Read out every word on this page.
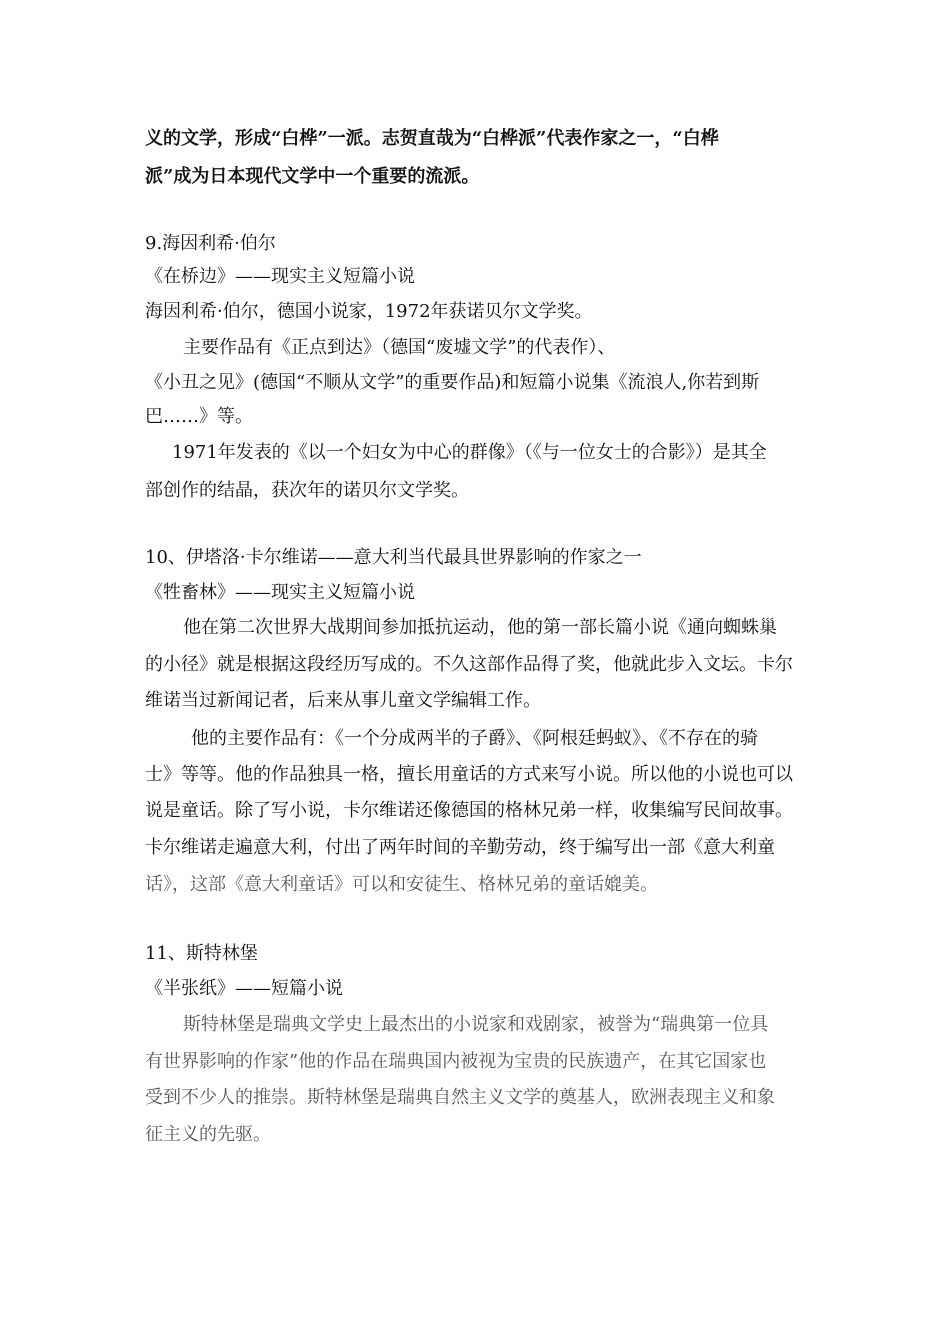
义的文学，形成“白桦”一派。志贺直哉为“白桦派”代表作家之一，“白桦

派”成为日本现代文学中一个重要的流派。

9.海因利希·伯尔

《在桥边》——现实主义短篇小说

海因利希·伯尔，德国小说家，1972年获诺贝尔文学奖。

主要作品有《正点到达》（德国“废墟文学”的代表作）、

《小丑之见》(德国“不顺从文学”的重要作品)和短篇小说集《流浪人,你若到斯

巴……》等。

1971年发表的《以一个妇女为中心的群像》（《与一位女士的合影》）是其全

部创作的结晶，获次年的诺贝尔文学奖。

10、伊塔洛·卡尔维诺——意大利当代最具世界影响的作家之一

《牲畜林》——现实主义短篇小说

他在第二次世界大战期间参加抵抗运动，他的第一部长篇小说《通向蜘蛛巢

的小径》就是根据这段经历写成的。不久这部作品得了奖，他就此步入文坛。卡尔

维诺当过新闻记者，后来从事儿童文学编辑工作。

他的主要作品有：《一个分成两半的子爵》、《阿根廷蚂蚁》、《不存在的骑

士》等等。他的作品独具一格，擅长用童话的方式来写小说。所以他的小说也可以

说是童话。除了写小说，卡尔维诺还像德国的格林兄弟一样，收集编写民间故事。

卡尔维诺走遍意大利，付出了两年时间的辛勤劳动，终于编写出一部《意大利童

话》，这部《意大利童话》可以和安徒生、格林兄弟的童话媲美。

11、斯特林堡

《半张纸》——短篇小说

斯特林堡是瑞典文学史上最杰出的小说家和戏剧家，被誉为“瑞典第一位具

有世界影响的作家”他的作品在瑞典国内被视为宝贵的民族遗产，在其它国家也

受到不少人的推崇。斯特林堡是瑞典自然主义文学的奠基人，欧洲表现主义和象

征主义的先驱。
